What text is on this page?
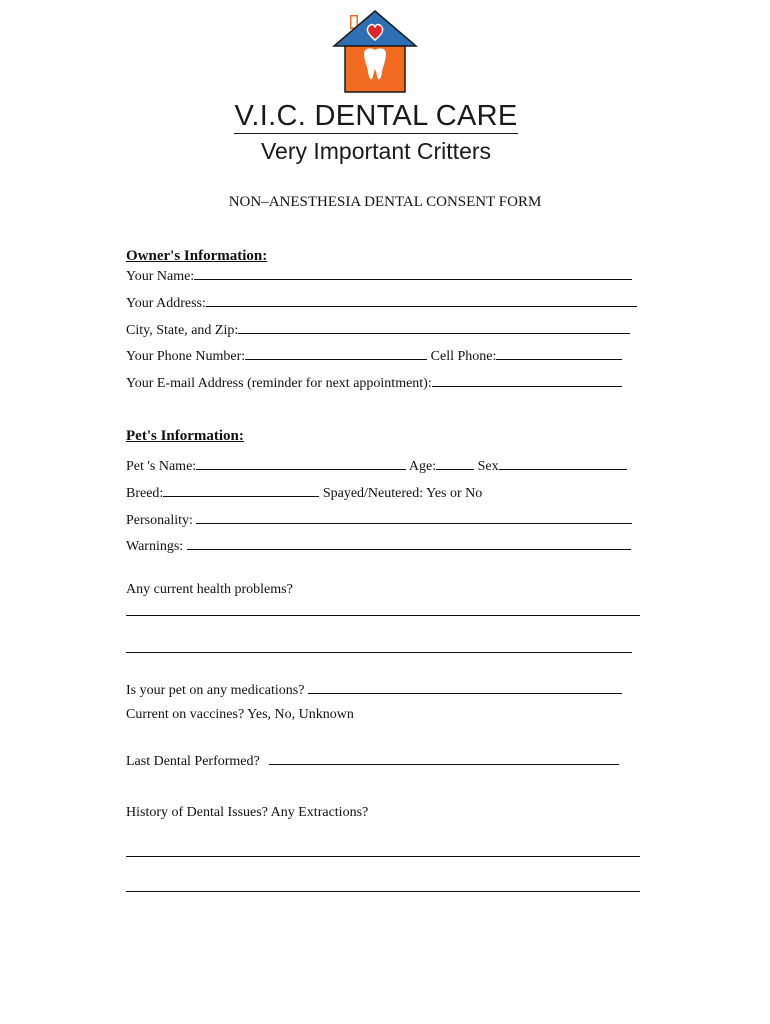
V.I.C. DENTAL CARE
Very Important Critters
NON–ANESTHESIA DENTAL CONSENT FORM
Owner's Information:
Your Name:
Your Address:
City, State, and Zip:
Your Phone Number:	Cell Phone:
Your E-mail Address (reminder for next appointment):
Pet's Information:
Pet 's Name:	Age:	Sex
Breed:	Spayed/Neutered: Yes or No
Personality:
Warnings:
Any current health problems?
Is your pet on any medications?
Current on vaccines? Yes, No, Unknown
Last Dental Performed?
History of Dental Issues? Any Extractions?
